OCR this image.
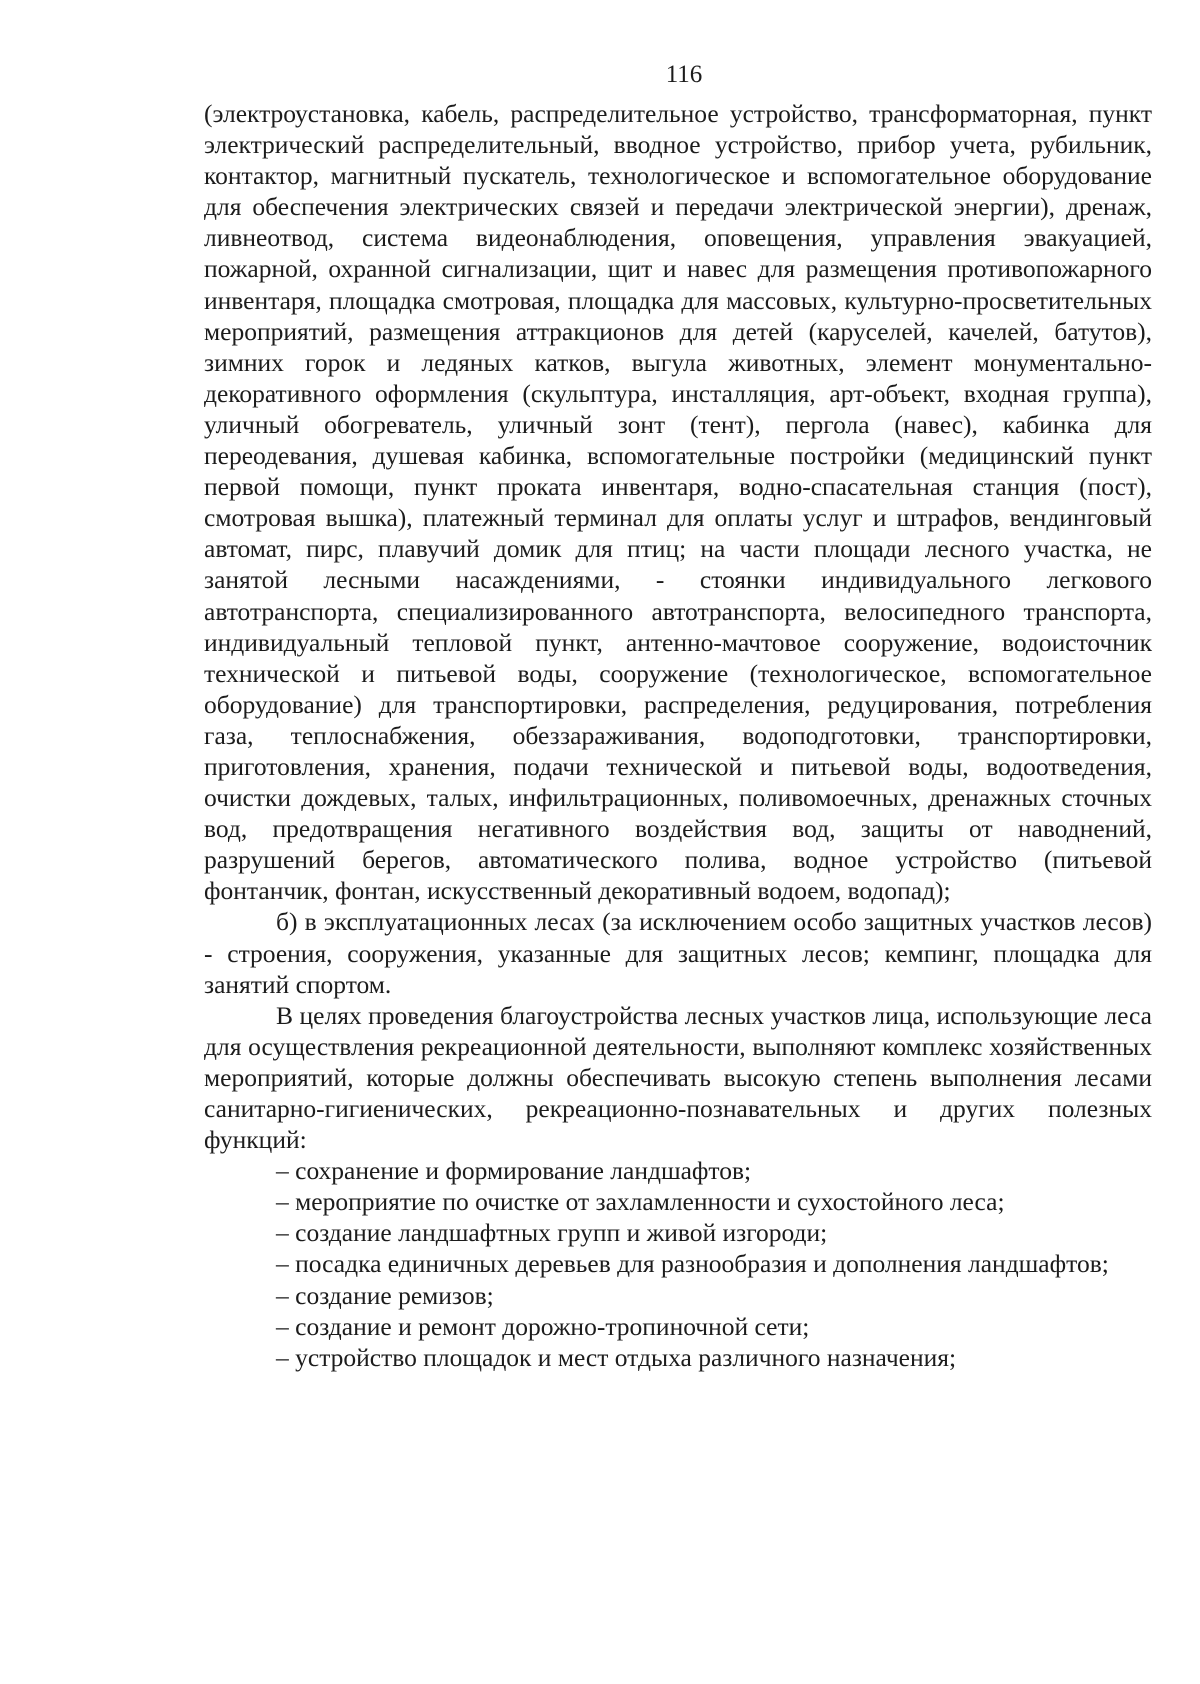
116

(электроустановка, кабель, распределительное устройство, трансформаторная, пункт электрический распределительный, вводное устройство, прибор учета, рубильник, контактор, магнитный пускатель, технологическое и вспомогательное оборудование для обеспечения электрических связей и передачи электрической энергии), дренаж, ливнеотвод, система видеонаблюдения, оповещения, управления эвакуацией, пожарной, охранной сигнализации, щит и навес для размещения противопожарного инвентаря, площадка смотровая, площадка для массовых, культурно-просветительных мероприятий, размещения аттракционов для детей (каруселей, качелей, батутов), зимних горок и ледяных катков, выгула животных, элемент монументально-декоративного оформления (скульптура, инсталляция, арт-объект, входная группа), уличный обогреватель, уличный зонт (тент), пергола (навес), кабинка для переодевания, душевая кабинка, вспомогательные постройки (медицинский пункт первой помощи, пункт проката инвентаря, водно-спасательная станция (пост), смотровая вышка), платежный терминал для оплаты услуг и штрафов, вендинговый автомат, пирс, плавучий домик для птиц; на части площади лесного участка, не занятой лесными насаждениями, - стоянки индивидуального легкового автотранспорта, специализированного автотранспорта, велосипедного транспорта, индивидуальный тепловой пункт, антенно-мачтовое сооружение, водоисточник технической и питьевой воды, сооружение (технологическое, вспомогательное оборудование) для транспортировки, распределения, редуцирования, потребления газа, теплоснабжения, обеззараживания, водоподготовки, транспортировки, приготовления, хранения, подачи технической и питьевой воды, водоотведения, очистки дождевых, талых, инфильтрационных, поливомоечных, дренажных сточных вод, предотвращения негативного воздействия вод, защиты от наводнений, разрушений берегов, автоматического полива, водное устройство (питьевой фонтанчик, фонтан, искусственный декоративный водоем, водопад);

б) в эксплуатационных лесах (за исключением особо защитных участков лесов) - строения, сооружения, указанные для защитных лесов; кемпинг, площадка для занятий спортом.

В целях проведения благоустройства лесных участков лица, использующие леса для осуществления рекреационной деятельности, выполняют комплекс хозяйственных мероприятий, которые должны обеспечивать высокую степень выполнения лесами санитарно-гигиенических, рекреационно-познавательных и других полезных функций:

– сохранение и формирование ландшафтов;

– мероприятие по очистке от захламленности и сухостойного леса;

– создание ландшафтных групп и живой изгороди;

– посадка единичных деревьев для разнообразия и дополнения ландшафтов;

– создание ремизов;

– создание и ремонт дорожно-тропиночной сети;

– устройство площадок и мест отдыха различного назначения;
